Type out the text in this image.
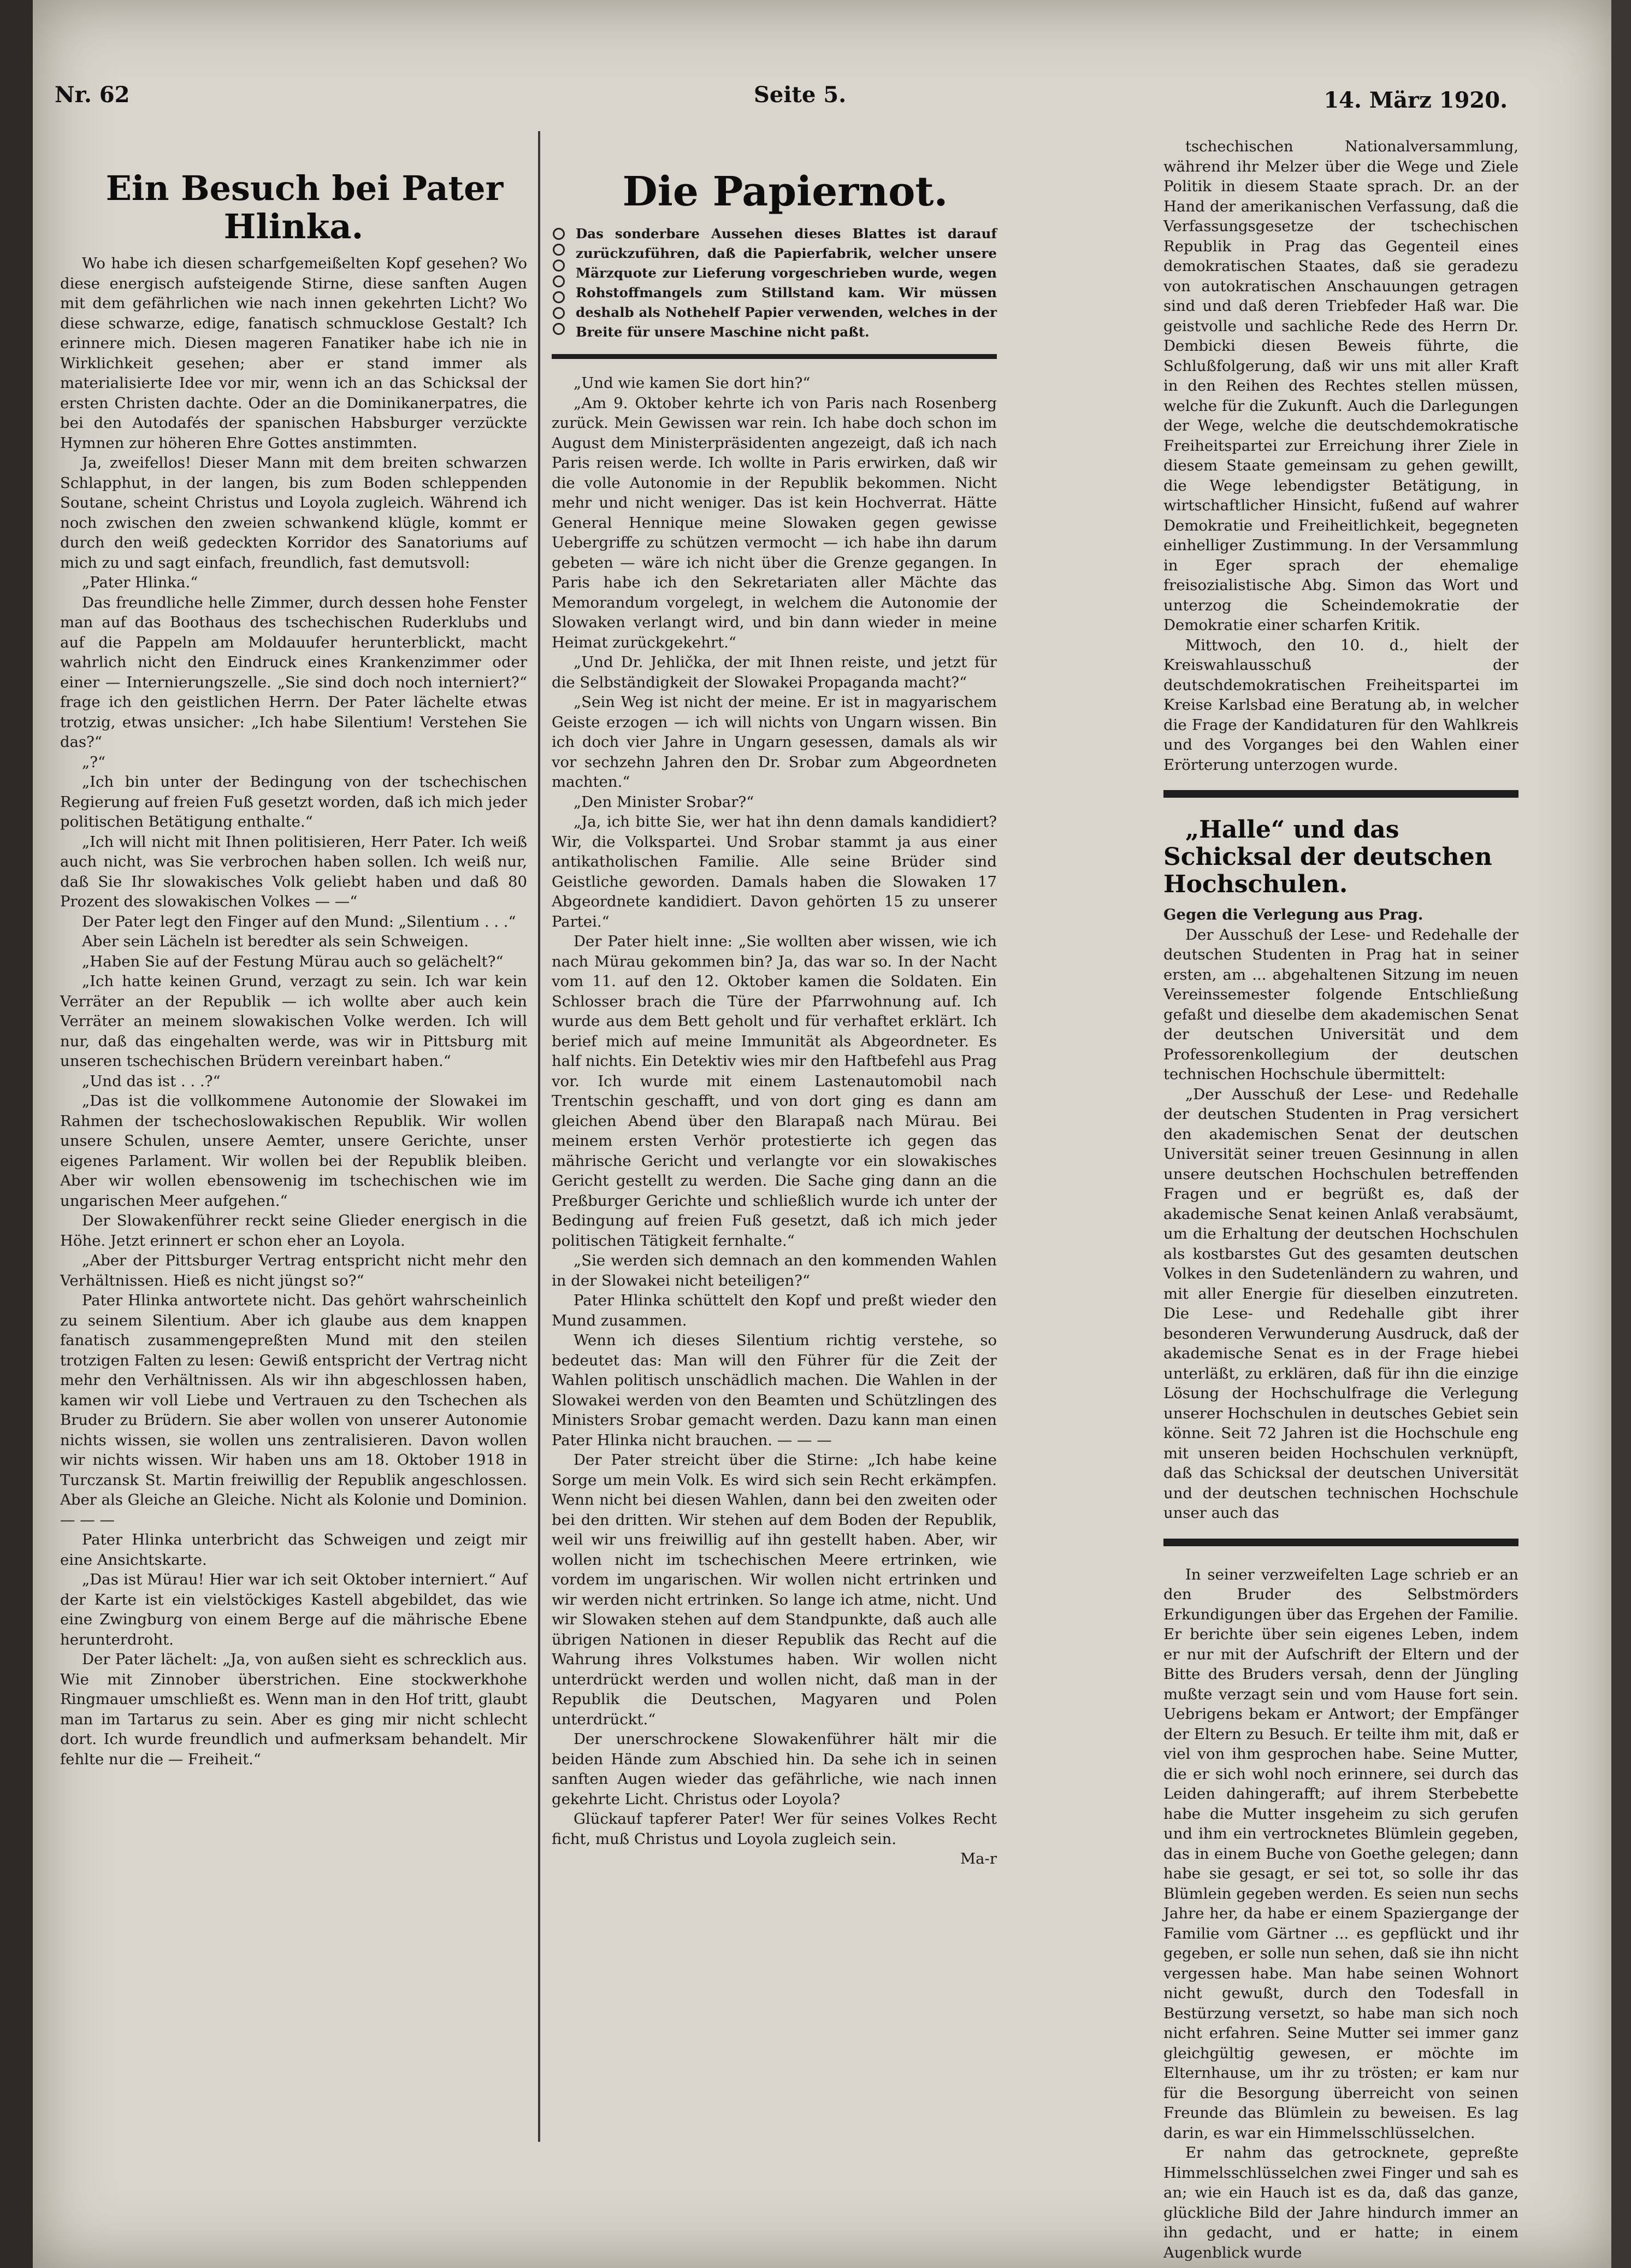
Nr. 62	Seite 5.	14. März 1920.

Ein Besuch bei Pater Hlinka.

Wo habe ich diesen scharfgemeißelten Kopf gesehen? Wo diese energisch aufsteigende Stirne, diese sanften Augen mit dem gefährlichen wie nach innen gekehrten Licht? Wo diese schwarze, edige, fanatisch schmucklose Gestalt? Ich erinnere mich. Diesen mageren Fanatiker habe ich nie in Wirklichkeit gesehen; aber er stand immer als materialisierte Idee vor mir, wenn ich an das Schicksal der ersten Christen dachte. Oder an die Dominikanerpatres, die bei den Autodafés der spanischen Habsburger verzückte Hymnen zur höheren Ehre Gottes anstimmten.

Ja, zweifellos! Dieser Mann mit dem breiten schwarzen Schlapphut, in der langen, bis zum Boden schleppenden Soutane, scheint Christus und Loyola zugleich. Während ich noch zwischen den zweien schwankend klügle, kommt er durch den weiß gedeckten Korridor des Sanatoriums auf mich zu und sagt einfach, freundlich, fast demutsvoll:

„Pater Hlinka.“

Das freundliche helle Zimmer, durch dessen hohe Fenster man auf das Boothaus des tschechischen Ruderklubs und auf die Pappeln am Moldauufer herunterblickt, macht wahrlich nicht den Eindruck eines Krankenzimmer oder einer — Internierungszelle. „Sie sind doch noch interniert?“ frage ich den geistlichen Herrn. Der Pater lächelte etwas trotzig, etwas unsicher: „Ich habe Silentium! Verstehen Sie das?“

„?“

„Ich bin unter der Bedingung von der tschechischen Regierung auf freien Fuß gesetzt worden, daß ich mich jeder politischen Betätigung enthalte.“

„Ich will nicht mit Ihnen politisieren, Herr Pater. Ich weiß auch nicht, was Sie verbrochen haben sollen. Ich weiß nur, daß Sie Ihr slowakisches Volk geliebt haben und daß 80 Prozent des slowakischen Volkes — —“

Der Pater legt den Finger auf den Mund: „Silentium . . .“

Aber sein Lächeln ist beredter als sein Schweigen.

„Haben Sie auf der Festung Mürau auch so gelächelt?“

„Ich hatte keinen Grund, verzagt zu sein. Ich war kein Verräter an der Republik — ich wollte aber auch kein Verräter an meinem slowakischen Volke werden. Ich will nur, daß das eingehalten werde, was wir in Pittsburg mit unseren tschechischen Brüdern vereinbart haben.“

„Und das ist . . .?“

„Das ist die vollkommene Autonomie der Slowakei im Rahmen der tschechoslowakischen Republik. Wir wollen unsere Schulen, unsere Aemter, unsere Gerichte, unser eigenes Parlament. Wir wollen bei der Republik bleiben. Aber wir wollen ebensowenig im tschechischen wie im ungarischen Meer aufgehen.“

Der Slowakenführer reckt seine Glieder energisch in die Höhe. Jetzt erinnert er schon eher an Loyola.

„Aber der Pittsburger Vertrag entspricht nicht mehr den Verhältnissen. Hieß es nicht jüngst so?“

Pater Hlinka antwortete nicht. Das gehört wahrscheinlich zu seinem Silentium. Aber ich glaube aus dem knappen fanatisch zusammengepreßten Mund mit den steilen trotzigen Falten zu lesen: Gewiß entspricht der Vertrag nicht mehr den Verhältnissen. Als wir ihn abgeschlossen haben, kamen wir voll Liebe und Vertrauen zu den Tschechen als Bruder zu Brüdern. Sie aber wollen von unserer Autonomie nichts wissen, sie wollen uns zentralisieren. Davon wollen wir nichts wissen. Wir haben uns am 18. Oktober 1918 in Turczansk St. Martin freiwillig der Republik angeschlossen. Aber als Gleiche an Gleiche. Nicht als Kolonie und Dominion. — — —

Pater Hlinka unterbricht das Schweigen und zeigt mir eine Ansichtskarte.

„Das ist Mürau! Hier war ich seit Oktober interniert.“ Auf der Karte ist ein vielstöckiges Kastell abgebildet, das wie eine Zwingburg von einem Berge auf die mährische Ebene herunterdroht.

Der Pater lächelt: „Ja, von außen sieht es schrecklich aus. Wie mit Zinnober überstrichen. Eine stockwerkhohe Ringmauer umschließt es. Wenn man in den Hof tritt, glaubt man im Tartarus zu sein. Aber es ging mir nicht schlecht dort. Ich wurde freundlich und aufmerksam behandelt. Mir fehlte nur die — Freiheit.“

Die Papiernot.

Das sonderbare Aussehen dieses Blattes ist darauf zurückzuführen, daß die Papierfabrik, welcher unsere Märzquote zur Lieferung vorgeschrieben wurde, wegen Rohstoffmangels zum Stillstand kam. Wir müssen deshalb als Nothehelf Papier verwenden, welches in der Breite für unsere Maschine nicht paßt.

„Und wie kamen Sie dort hin?“

„Am 9. Oktober kehrte ich von Paris nach Rosenberg zurück. Mein Gewissen war rein. Ich habe doch schon im August dem Ministerpräsidenten angezeigt, daß ich nach Paris reisen werde. Ich wollte in Paris erwirken, daß wir die volle Autonomie in der Republik bekommen. Nicht mehr und nicht weniger. Das ist kein Hochverrat. Hätte General Hennique meine Slowaken gegen gewisse Uebergriffe zu schützen vermocht — ich habe ihn darum gebeten — wäre ich nicht über die Grenze gegangen. In Paris habe ich den Sekretariaten aller Mächte das Memorandum vorgelegt, in welchem die Autonomie der Slowaken verlangt wird, und bin dann wieder in meine Heimat zurückgekehrt.“

„Und Dr. Jehlička, der mit Ihnen reiste, und jetzt für die Selbständigkeit der Slowakei Propaganda macht?“

„Sein Weg ist nicht der meine. Er ist in magyarischem Geiste erzogen — ich will nichts von Ungarn wissen. Bin ich doch vier Jahre in Ungarn gesessen, damals als wir vor sechzehn Jahren den Dr. Srobar zum Abgeordneten machten.“

„Den Minister Srobar?“

„Ja, ich bitte Sie, wer hat ihn denn damals kandidiert? Wir, die Volkspartei. Und Srobar stammt ja aus einer antikatholischen Familie. Alle seine Brüder sind Geistliche geworden. Damals haben die Slowaken 17 Abgeordnete kandidiert. Davon gehörten 15 zu unserer Partei.“

Der Pater hielt inne: „Sie wollten aber wissen, wie ich nach Mürau gekommen bin? Ja, das war so. In der Nacht vom 11. auf den 12. Oktober kamen die Soldaten. Ein Schlosser brach die Türe der Pfarrwohnung auf. Ich wurde aus dem Bett geholt und für verhaftet erklärt. Ich berief mich auf meine Immunität als Abgeordneter. Es half nichts. Ein Detektiv wies mir den Haftbefehl aus Prag vor. Ich wurde mit einem Lastenautomobil nach Trentschin geschafft, und von dort ging es dann am gleichen Abend über den Blarapaß nach Mürau. Bei meinem ersten Verhör protestierte ich gegen das mährische Gericht und verlangte vor ein slowakisches Gericht gestellt zu werden. Die Sache ging dann an die Preßburger Gerichte und schließlich wurde ich unter der Bedingung auf freien Fuß gesetzt, daß ich mich jeder politischen Tätigkeit fernhalte.“

„Sie werden sich demnach an den kommenden Wahlen in der Slowakei nicht beteiligen?“

Pater Hlinka schüttelt den Kopf und preßt wieder den Mund zusammen.

Wenn ich dieses Silentium richtig verstehe, so bedeutet das: Man will den Führer für die Zeit der Wahlen politisch unschädlich machen. Die Wahlen in der Slowakei werden von den Beamten und Schützlingen des Ministers Srobar gemacht werden. Dazu kann man einen Pater Hlinka nicht brauchen. — — —

Der Pater streicht über die Stirne: „Ich habe keine Sorge um mein Volk. Es wird sich sein Recht erkämpfen. Wenn nicht bei diesen Wahlen, dann bei den zweiten oder bei den dritten. Wir stehen auf dem Boden der Republik, weil wir uns freiwillig auf ihn gestellt haben. Aber, wir wollen nicht im tschechischen Meere ertrinken, wie vordem im ungarischen. Wir wollen nicht ertrinken und wir werden nicht ertrinken. So lange ich atme, nicht. Und wir Slowaken stehen auf dem Standpunkte, daß auch alle übrigen Nationen in dieser Republik das Recht auf die Wahrung ihres Volkstumes haben. Wir wollen nicht unterdrückt werden und wollen nicht, daß man in der Republik die Deutschen, Magyaren und Polen unterdrückt.“

Der unerschrockene Slowakenführer hält mir die beiden Hände zum Abschied hin. Da sehe ich in seinen sanften Augen wieder das gefährliche, wie nach innen gekehrte Licht. Christus oder Loyola?

Glückauf tapferer Pater! Wer für seines Volkes Recht ficht, muß Christus und Loyola zugleich sein.

Ma-r

tschechischen Nationalversammlung, während ihr Melzer über die Wege und Ziele Politik in diesem Staate sprach. Dr. an der Hand der amerikanischen Verfassung, daß die Verfassungsgesetze der tschechischen Republik in Prag das Gegenteil eines demokratischen Staates, daß sie geradezu von autokratischen Anschauungen getragen sind und daß deren Triebfeder Haß war. Die geistvolle und sachliche Rede des Herrn Dr. Dembicki diesen Beweis führte, die Schlußfolgerung, daß wir uns mit aller Kraft in den Reihen des Rechtes stellen müssen, welche für die Zukunft. Auch die Darlegungen der Wege, welche die deutschdemokratische Freiheitspartei zur Erreichung ihrer Ziele in diesem Staate gemeinsam zu gehen gewillt, die Wege lebendigster Betätigung, in wirtschaftlicher Hinsicht, fußend auf wahrer Demokratie und Freiheitlichkeit, begegneten einhelliger Zustimmung. In der Versammlung in Eger sprach der ehemalige freisozialistische Abg. Simon das Wort und unterzog die Scheindemokratie der Demokratie einer scharfen Kritik.

Mittwoch, den 10. d., hielt der Kreiswahlausschuß der deutschdemokratischen Freiheitspartei im Kreise Karlsbad eine Beratung ab, in welcher die Frage der Kandidaturen für den Wahlkreis und des Vorganges bei den Wahlen einer Erörterung unterzogen wurde.

„Halle“ und das Schicksal der deutschen Hochschulen.

Gegen die Verlegung aus Prag.

Der Ausschuß der Lese- und Redehalle der deutschen Studenten in Prag hat in seiner ersten, am ... abgehaltenen Sitzung im neuen Vereinssemester folgende Entschließung gefaßt und dieselbe dem akademischen Senat der deutschen Universität und dem Professorenkollegium der deutschen technischen Hochschule übermittelt:

„Der Ausschuß der Lese- und Redehalle der deutschen Studenten in Prag versichert den akademischen Senat der deutschen Universität seiner treuen Gesinnung in allen unsere deutschen Hochschulen betreffenden Fragen und er begrüßt es, daß der akademische Senat keinen Anlaß verabsäumt, um die Erhaltung der deutschen Hochschulen als kostbarstes Gut des gesamten deutschen Volkes in den Sudetenländern zu wahren, und mit aller Energie für dieselben einzutreten. Die Lese- und Redehalle gibt ihrer besonderen Verwunderung Ausdruck, daß der akademische Senat es in der Frage hiebei unterläßt, zu erklären, daß für ihn die einzige Lösung der Hochschulfrage die Verlegung unserer Hochschulen in deutsches Gebiet sein könne. Seit 72 Jahren ist die Hochschule eng mit unseren beiden Hochschulen verknüpft, daß das Schicksal der deutschen Universität und der deutschen technischen Hochschule unser auch das

In seiner verzweifelten Lage schrieb er an den Bruder des Selbstmörders Erkundigungen über das Ergehen der Familie. Er berichte über sein eigenes Leben, indem er nur mit der Aufschrift der Eltern und der Bitte des Bruders versah, denn der Jüngling mußte verzagt sein und vom Hause fort sein. Uebrigens bekam er Antwort; der Empfänger der Eltern zu Besuch. Er teilte ihm mit, daß er viel von ihm gesprochen habe. Seine Mutter, die er sich wohl noch erinnere, sei durch das Leiden dahingerafft; auf ihrem Sterbebette habe die Mutter insgeheim zu sich gerufen und ihm ein vertrocknetes Blümlein gegeben, das in einem Buche von Goethe gelegen; dann habe sie gesagt, er sei tot, so solle ihr das Blümlein gegeben werden. Es seien nun sechs Jahre her, da habe er einem Spaziergange der Familie vom Gärtner ... es gepflückt und ihr gegeben, er solle nun sehen, daß sie ihn nicht vergessen habe. Man habe seinen Wohnort nicht gewußt, durch den Todesfall in Bestürzung versetzt, so habe man sich noch nicht erfahren. Seine Mutter sei immer ganz gleichgültig gewesen, er möchte im Elternhause, um ihr zu trösten; er kam nur für die Besorgung überreicht von seinen Freunde das Blümlein zu beweisen. Es lag darin, es war ein Himmelsschlüsselchen.

Er nahm das getrocknete, gepreßte Himmelsschlüsselchen zwei Finger und sah es an; wie ein Hauch ist es da, daß das ganze, glückliche Bild der Jahre hindurch immer an ihn gedacht, und er hatte; in einem Augenblick wurde
